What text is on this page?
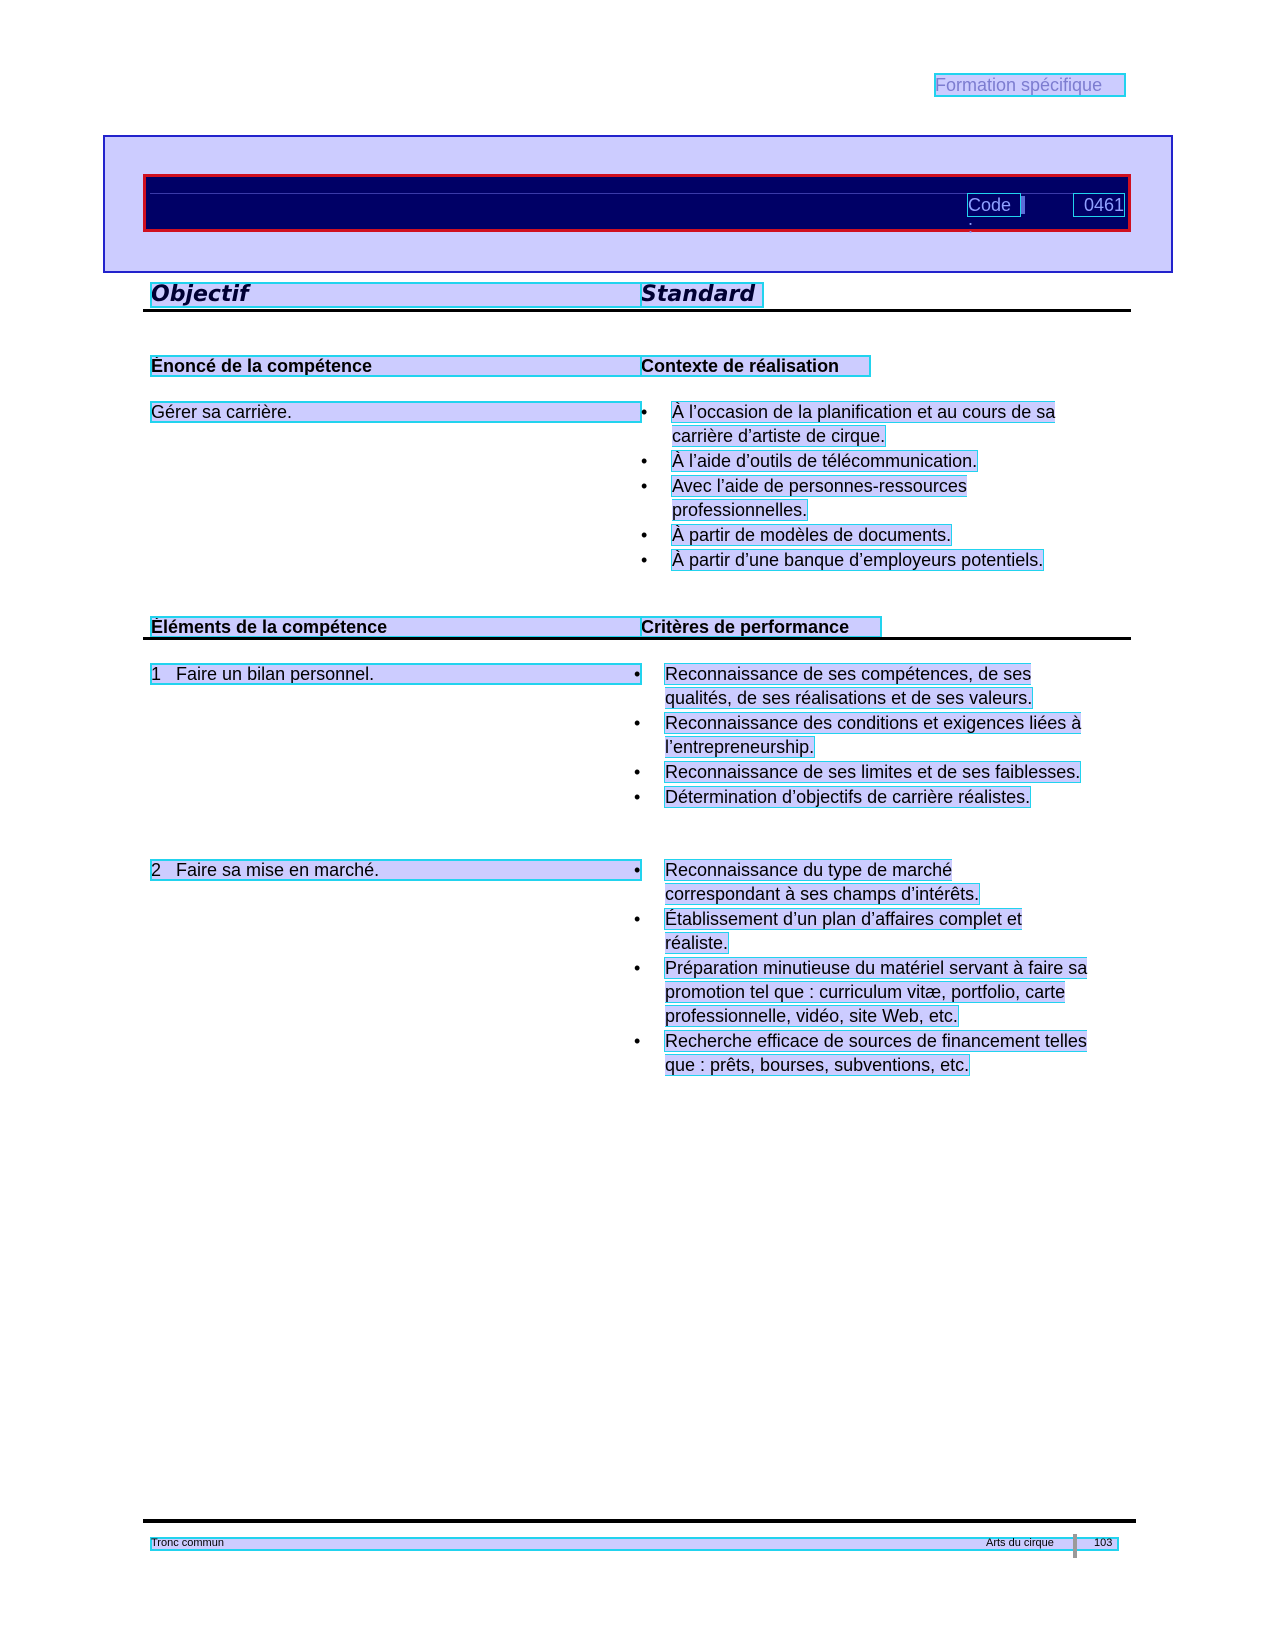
Formation spécifique
Code :
0461
Objectif	Standard
Énoncé de la compétence	Contexte de réalisation
Gérer sa carrière.	• À l’occasion de la planification et au cours de sa carrière d’artiste de cirque.
• À l’aide d’outils de télécommunication.
• Avec l’aide de personnes-ressources professionnelles.
• À partir de modèles de documents.
• À partir d’une banque d’employeurs potentiels.
Éléments de la compétence	Critères de performance
1 Faire un bilan personnel.	• Reconnaissance de ses compétences, de ses qualités, de ses réalisations et de ses valeurs.
• Reconnaissance des conditions et exigences liées à l’entrepreneurship.
• Reconnaissance de ses limites et de ses faiblesses.
• Détermination d’objectifs de carrière réalistes.
2 Faire sa mise en marché.	• Reconnaissance du type de marché correspondant à ses champs d’intérêts.
• Établissement d’un plan d’affaires complet et réaliste.
• Préparation minutieuse du matériel servant à faire sa promotion tel que : curriculum vitæ, portfolio, carte professionnelle, vidéo, site Web, etc.
• Recherche efficace de sources de financement telles que : prêts, bourses, subventions, etc.
Tronc commun	Arts du cirque	103
